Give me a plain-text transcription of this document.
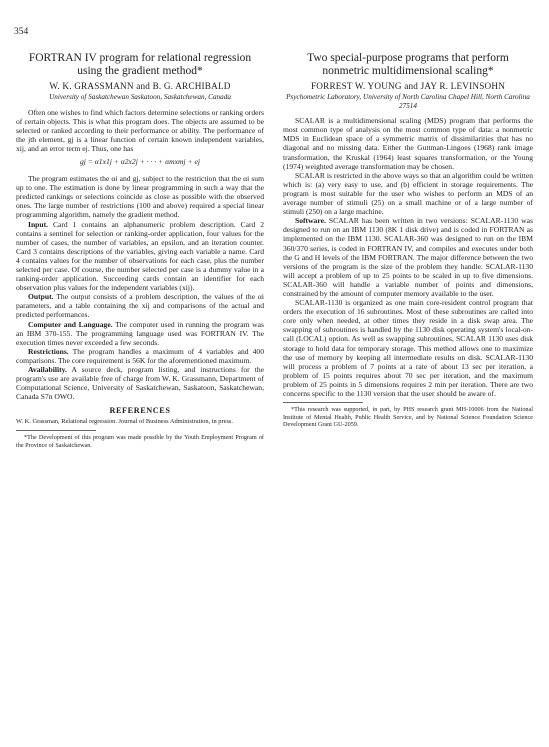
354
FORTRAN IV program for relational regression using the gradient method*
W. K. GRASSMANN and B. G. ARCHIBALD
University of Saskatchewan Saskatoon, Saskatchewan, Canada

Often one wishes to find which factors determine selections or ranking orders of certain objects. This is what this program does. The objects are assumed to be selected or ranked according to their performance or ability. The performance of the jth element, gj is a linear function of certain known independent variables, xij, and an error term ej. Thus, one has

gj = α1x1j + α2x2j + · · · + αmxmj + ej

The program estimates the αi and gj, subject to the restriction that the αi sum up to one. The estimation is done by linear programming in such a way that the predicted rankings or selections coincide as close as possible with the observed ones. The large number of restrictions (100 and above) required a special linear programming algorithm, namely the gradient method.

Input. Card 1 contains an alphanumeric problem description. Card 2 contains a sentinel for selection or ranking-order application, four values for the number of cases, the number of variables, an epsilon, and an iteration counter. Card 3 contains descriptions of the variables, giving each variable a name. Card 4 contains values for the number of observations for each case, plus the number selected per case. Of course, the number selected per case is a dummy value in a ranking-order application. Succeeding cards contain an identifier for each observation plus values for the independent variables (xij).

Output. The output consists of a problem description, the values of the αi parameters, and a table containing the xij and comparisons of the actual and predicted performances.

Computer and Language. The computer used in running the program was an IBM 370-155. The programming language used was FORTRAN IV. The execution times never exceeded a few seconds.

Restrictions. The program handles a maximum of 4 variables and 400 comparisons. The core requirement is 56K for the aforementioned maximum.

Availability. A source deck, program listing, and instructions for the program's use are available free of charge from W. K. Grassmann, Department of Computational Science, University of Saskatchewan, Saskatoon, Saskatchewan, Canada S7n OWO.

REFERENCES
W. K. Grassman, Relational regression. Journal of Business Administration, in press.
*The Development of this program was made possible by the Youth Employment Program of the Province of Saskatchewan.
Two special-purpose programs that perform nonmetric multidimensional scaling*
FORREST W. YOUNG and JAY R. LEVINSOHN
Psychometric Laboratory, University of North Carolina Chapel Hill, North Carolina 27514

SCALAR is a multidimensional scaling (MDS) program that performs the most common type of analysis on the most common type of data: a nonmetric MDS in Euclidean space of a symmetric matrix of dissimilarities that has no diagonal and no missing data. Either the Guttman-Lingoes (1968) rank image transformation, the Kruskal (1964) least squares transformation, or the Young (1974) weighted average transformation may be chosen.

SCALAR is restricted in the above ways so that an algorithm could be written which is: (a) very easy to use, and (b) efficient in storage requirements. The program is most suitable for the user who wishes to perform an MDS of an average number of stimuli (25) on a small machine or of a large number of stimuli (250) on a large machine.

Software. SCALAR has been written in two versions: SCALAR-1130 was designed to run on an IBM 1130 (8K 1 disk drive) and is coded in FORTRAN as implemented on the IBM 1130. SCALAR-360 was designed to run on the IBM 360/370 series, is coded in FORTRAN IV, and compiles and executes under both the G and H levels of the IBM FORTRAN. The major difference between the two versions of the program is the size of the problem they handle. SCALAR-1130 will accept a problem of up to 25 points to be scaled in up to five dimensions. SCALAR-360 will handle a variable number of points and dimensions, constrained by the amount of computer memory available to the user.

SCALAR-1130 is organized as one main core-resident control program that orders the execution of 16 subroutines. Most of these subroutines are called into core only when needed, at other times they reside in a disk swap area. The swapping of subroutines is handled by the 1130 disk operating system's local-on-call (LOCAL) option. As well as swapping subroutines, SCALAR 1130 uses disk storage to hold data for temporary storage. This method allows one to maximize the use of memory by keeping all intermediate results on disk. SCALAR-1130 will process a problem of 7 points at a rate of about 13 sec per iteration, a problem of 15 points requires about 70 sec per iteration, and the maximum problem of 25 points in 5 dimensions requires 2 min per iteration. There are two concerns specific to the 1130 version that the user should be aware of.

*This research was supported, in part, by PHS research grant MH-10006 from the National Institute of Mental Health, Public Health Service, and by National Science Foundation Science Development Grant GU-2059.
